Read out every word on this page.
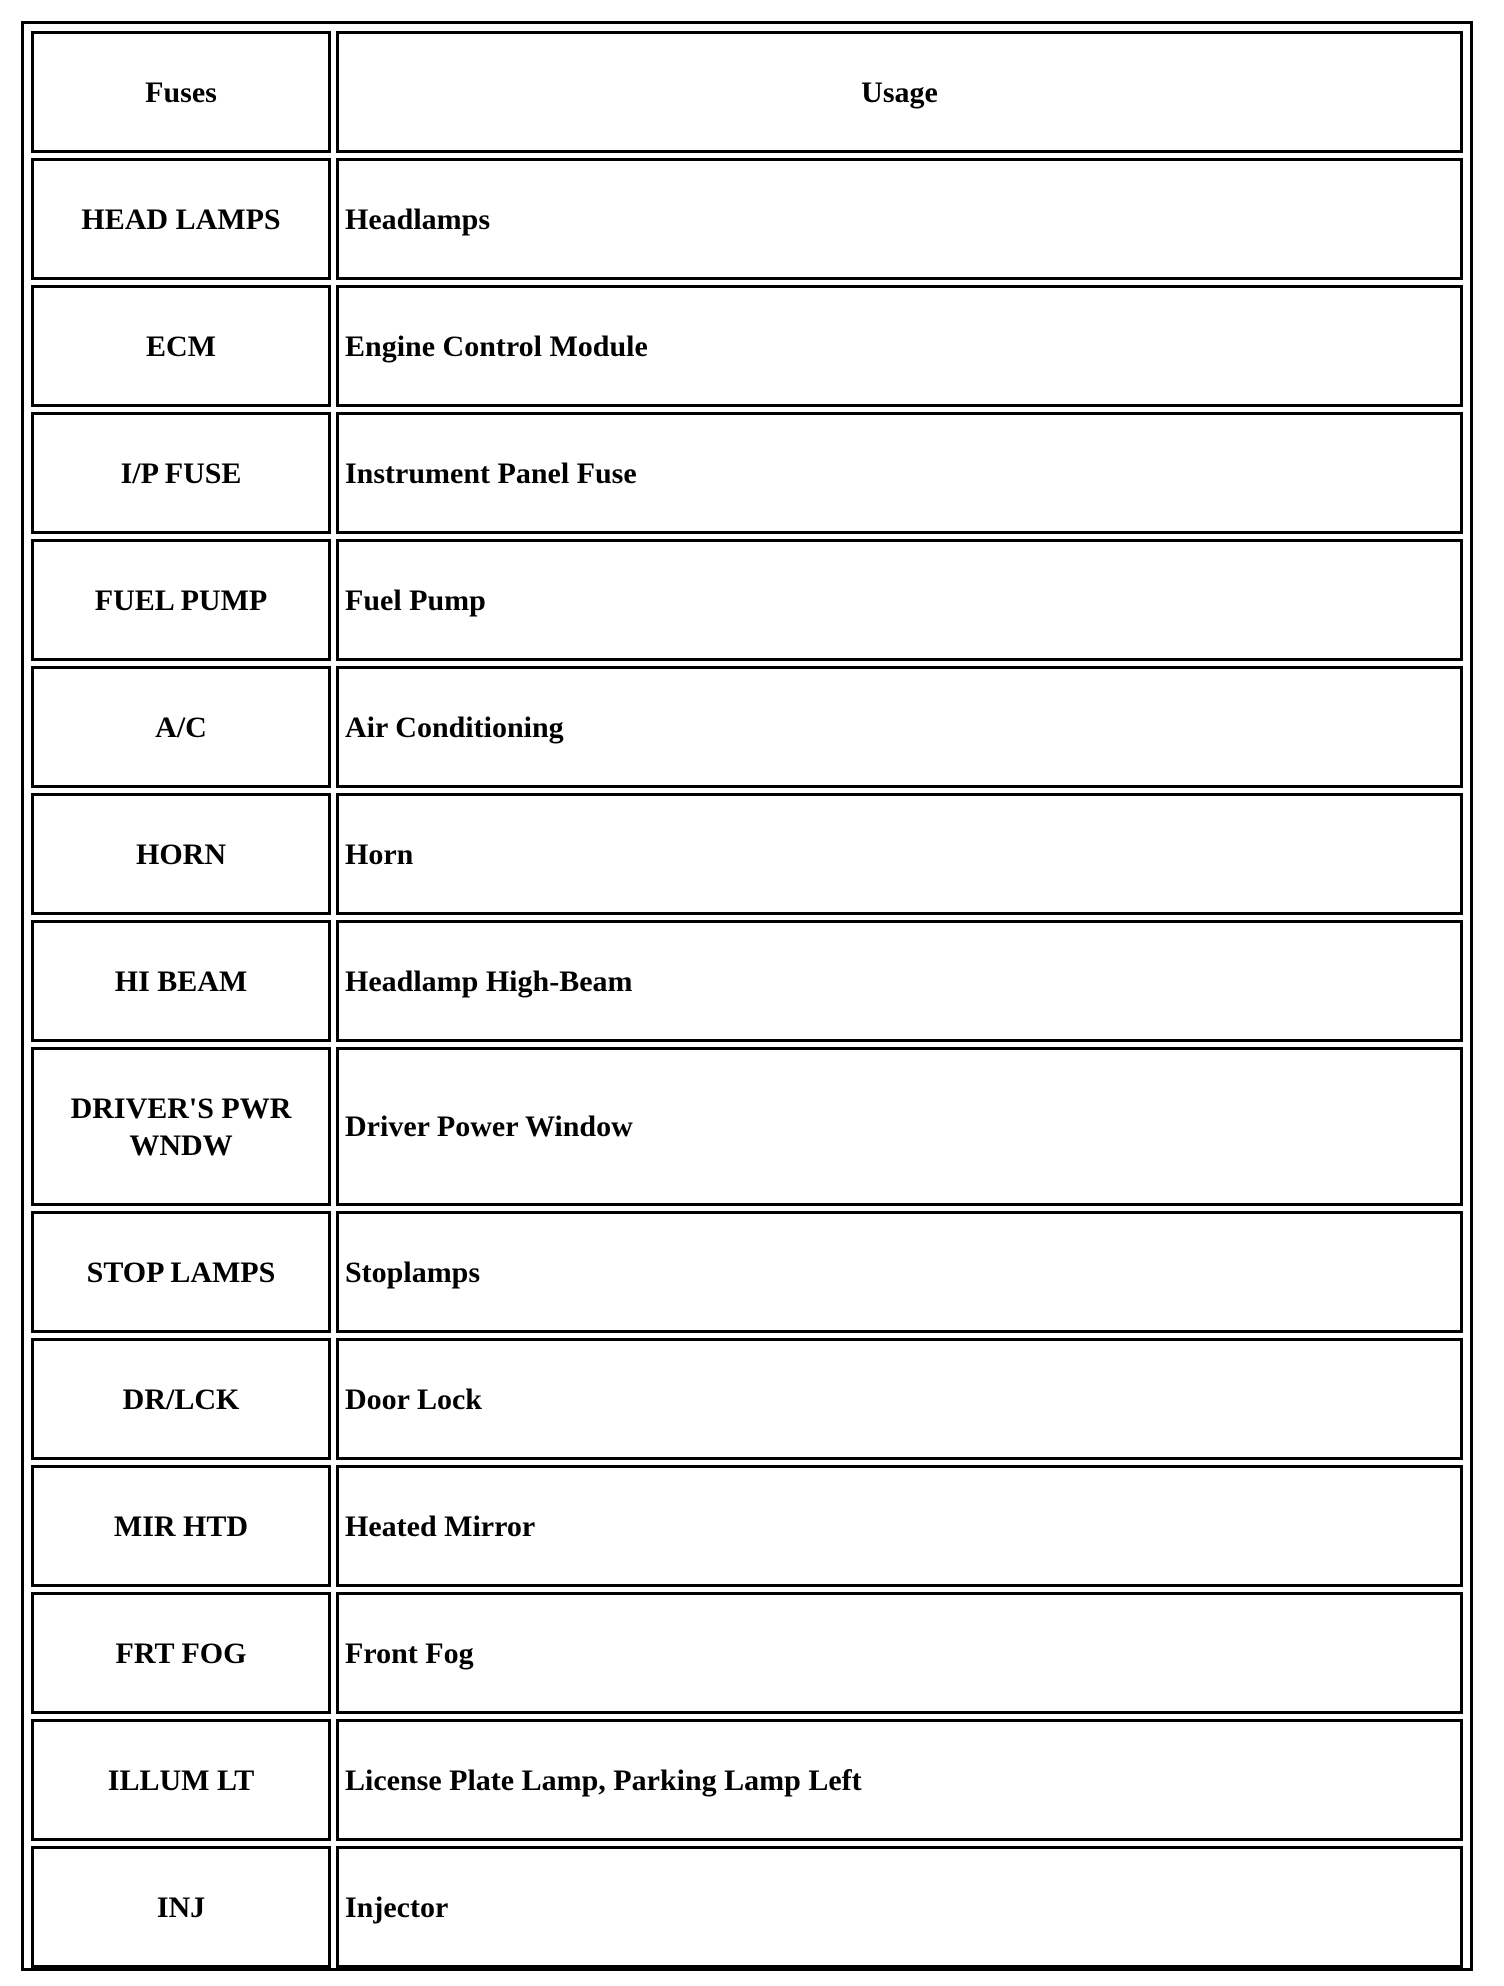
Fuses	Usage
HEAD LAMPS	Headlamps
ECM	Engine Control Module
I/P FUSE	Instrument Panel Fuse
FUEL PUMP	Fuel Pump
A/C	Air Conditioning
HORN	Horn
HI BEAM	Headlamp High-Beam
DRIVER'S PWR WNDW	Driver Power Window
STOP LAMPS	Stoplamps
DR/LCK	Door Lock
MIR HTD	Heated Mirror
FRT FOG	Front Fog
ILLUM LT	License Plate Lamp, Parking Lamp Left
INJ	Injector
